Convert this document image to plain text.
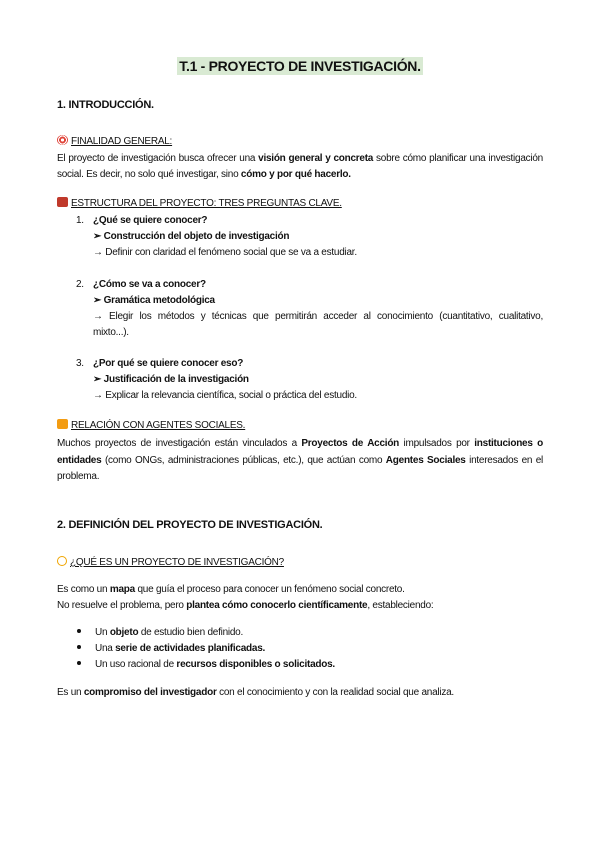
T.1 - PROYECTO DE INVESTIGACIÓN.
1. INTRODUCCIÓN.
FINALIDAD GENERAL:
El proyecto de investigación busca ofrecer una visión general y concreta sobre cómo planificar una investigación social. Es decir, no solo qué investigar, sino cómo y por qué hacerlo.
ESTRUCTURA DEL PROYECTO: TRES PREGUNTAS CLAVE.
1. ¿Qué se quiere conocer?
➢ Construcción del objeto de investigación
→ Definir con claridad el fenómeno social que se va a estudiar.
2. ¿Cómo se va a conocer?
➢ Gramática metodológica
→ Elegir los métodos y técnicas que permitirán acceder al conocimiento (cuantitativo, cualitativo,
mixto...).
3. ¿Por qué se quiere conocer eso?
➢ Justificación de la investigación
→ Explicar la relevancia científica, social o práctica del estudio.
RELACIÓN CON AGENTES SOCIALES.
Muchos proyectos de investigación están vinculados a Proyectos de Acción impulsados por instituciones o entidades (como ONGs, administraciones públicas, etc.), que actúan como Agentes Sociales interesados en el problema.
2. DEFINICIÓN DEL PROYECTO DE INVESTIGACIÓN.
¿QUÉ ES UN PROYECTO DE INVESTIGACIÓN?
Es como un mapa que guía el proceso para conocer un fenómeno social concreto.
No resuelve el problema, pero plantea cómo conocerlo científicamente, estableciendo:
Un objeto de estudio bien definido.
Una serie de actividades planificadas.
Un uso racional de recursos disponibles o solicitados.
Es un compromiso del investigador con el conocimiento y con la realidad social que analiza.
